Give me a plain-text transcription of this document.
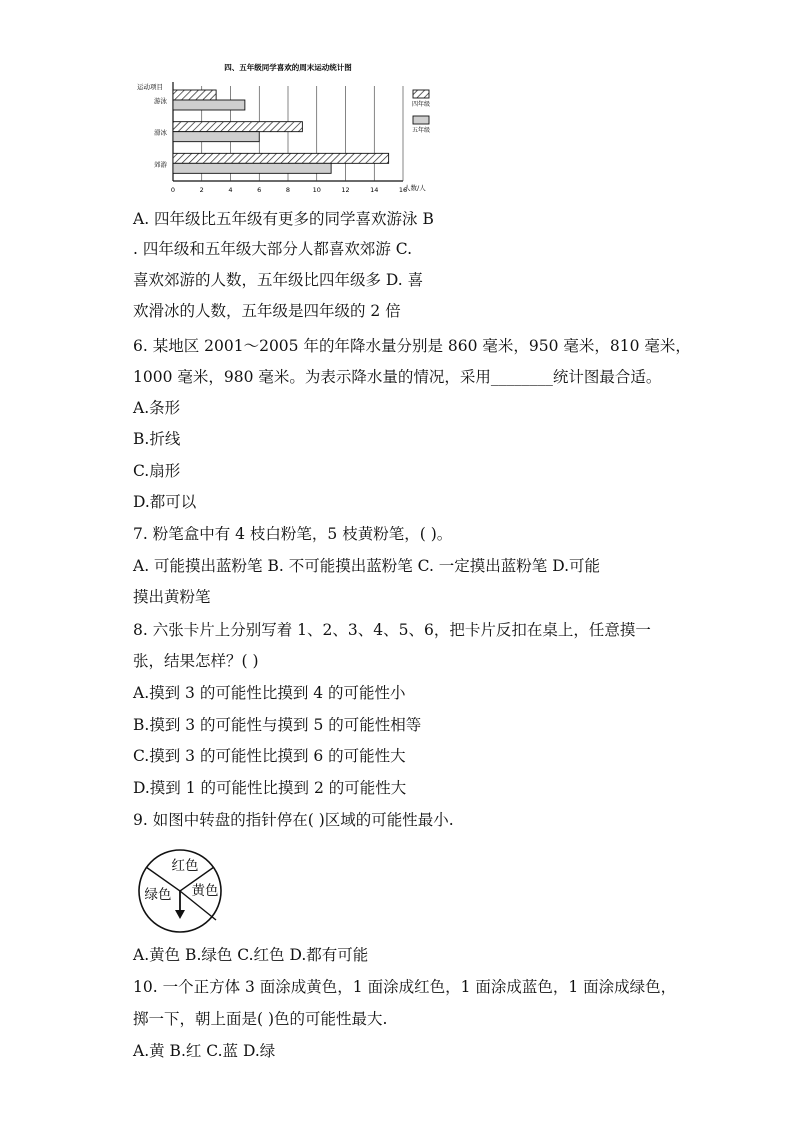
四、五年级同学喜欢的周末运动统计图
运动项目
人数/人
0	2	4	6	8	10	12	14	16
游泳
滑冰
郊游
四年级
五年级
A. 四年级比五年级有更多的同学喜欢游泳 B
. 四年级和五年级大部分人都喜欢郊游 C.
喜欢郊游的人数，五年级比四年级多 D. 喜
欢滑冰的人数，五年级是四年级的 2 倍
6. 某地区 2001～2005 年的年降水量分别是 860 毫米，950 毫米，810 毫米，
1000 毫米，980 毫米。为表示降水量的情况，采用________统计图最合适。
A.条形
B.折线
C.扇形
D.都可以
7. 粉笔盒中有 4 枝白粉笔，5 枝黄粉笔，( )。
A. 可能摸出蓝粉笔 B. 不可能摸出蓝粉笔 C. 一定摸出蓝粉笔 D.可能
摸出黄粉笔
8. 六张卡片上分别写着 1、2、3、4、5、6，把卡片反扣在桌上，任意摸一
张，结果怎样？( )
A.摸到 3 的可能性比摸到 4 的可能性小
B.摸到 3 的可能性与摸到 5 的可能性相等
C.摸到 3 的可能性比摸到 6 的可能性大
D.摸到 1 的可能性比摸到 2 的可能性大
9. 如图中转盘的指针停在( )区域的可能性最小.
A.黄色 B.绿色 C.红色 D.都有可能
10. 一个正方体 3 面涂成黄色，1 面涂成红色，1 面涂成蓝色，1 面涂成绿色，
掷一下，朝上面是( )色的可能性最大.
A.黄 B.红 C.蓝 D.绿
红色
黄色
绿色
